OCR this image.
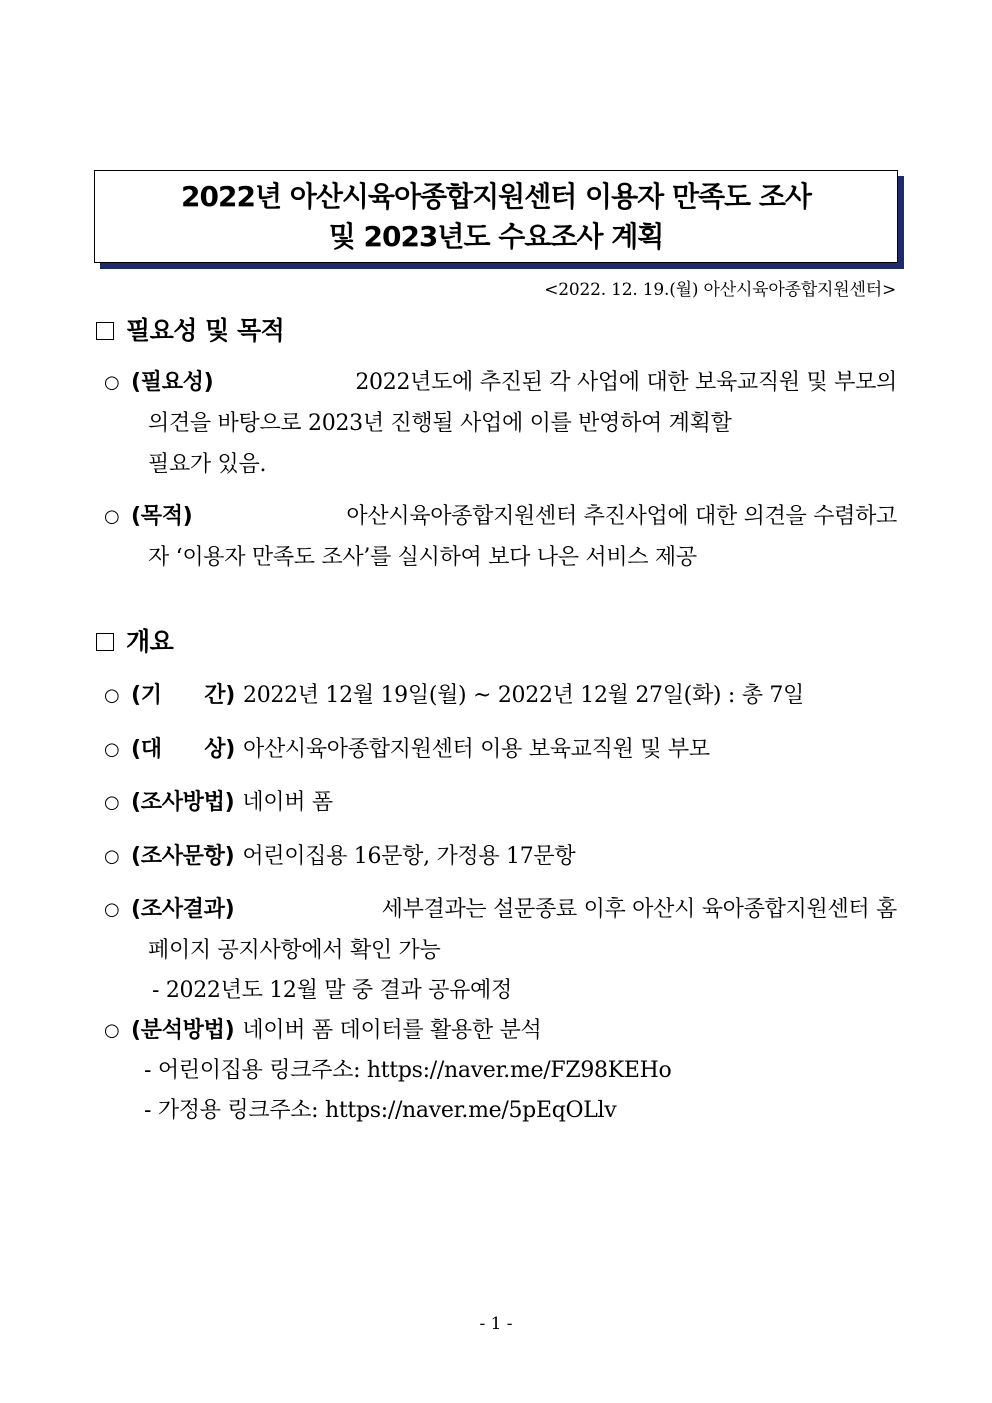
2022년 아산시육아종합지원센터 이용자 만족도 조사
및 2023년도 수요조사 계획
<2022. 12. 19.(월) 아산시육아종합지원센터>
필요성 및 목적
○ (필요성)	2022년도에 추진된 각 사업에 대한 보육교직원 및 부모의
의견을 바탕으로 2023년 진행될 사업에 이를 반영하여 계획할
필요가 있음.
○ (목적)	아산시육아종합지원센터 추진사업에 대한 의견을 수렴하고
자 ‘이용자 만족도 조사’를 실시하여 보다 나은 서비스 제공
개요
○ (기 간) 2022년 12월 19일(월) ~ 2022년 12월 27일(화) : 총 7일
○ (대 상) 아산시육아종합지원센터 이용 보육교직원 및 부모
○ (조사방법) 네이버 폼
○ (조사문항) 어린이집용 16문항, 가정용 17문항
○ (조사결과)	세부결과는 설문종료 이후 아산시 육아종합지원센터 홈
페이지 공지사항에서 확인 가능
- 2022년도 12월 말 중 결과 공유예정
○ (분석방법) 네이버 폼 데이터를 활용한 분석
- 어린이집용 링크주소: https://naver.me/FZ98KEHo
- 가정용 링크주소: https://naver.me/5pEqOLlv
- 1 -
